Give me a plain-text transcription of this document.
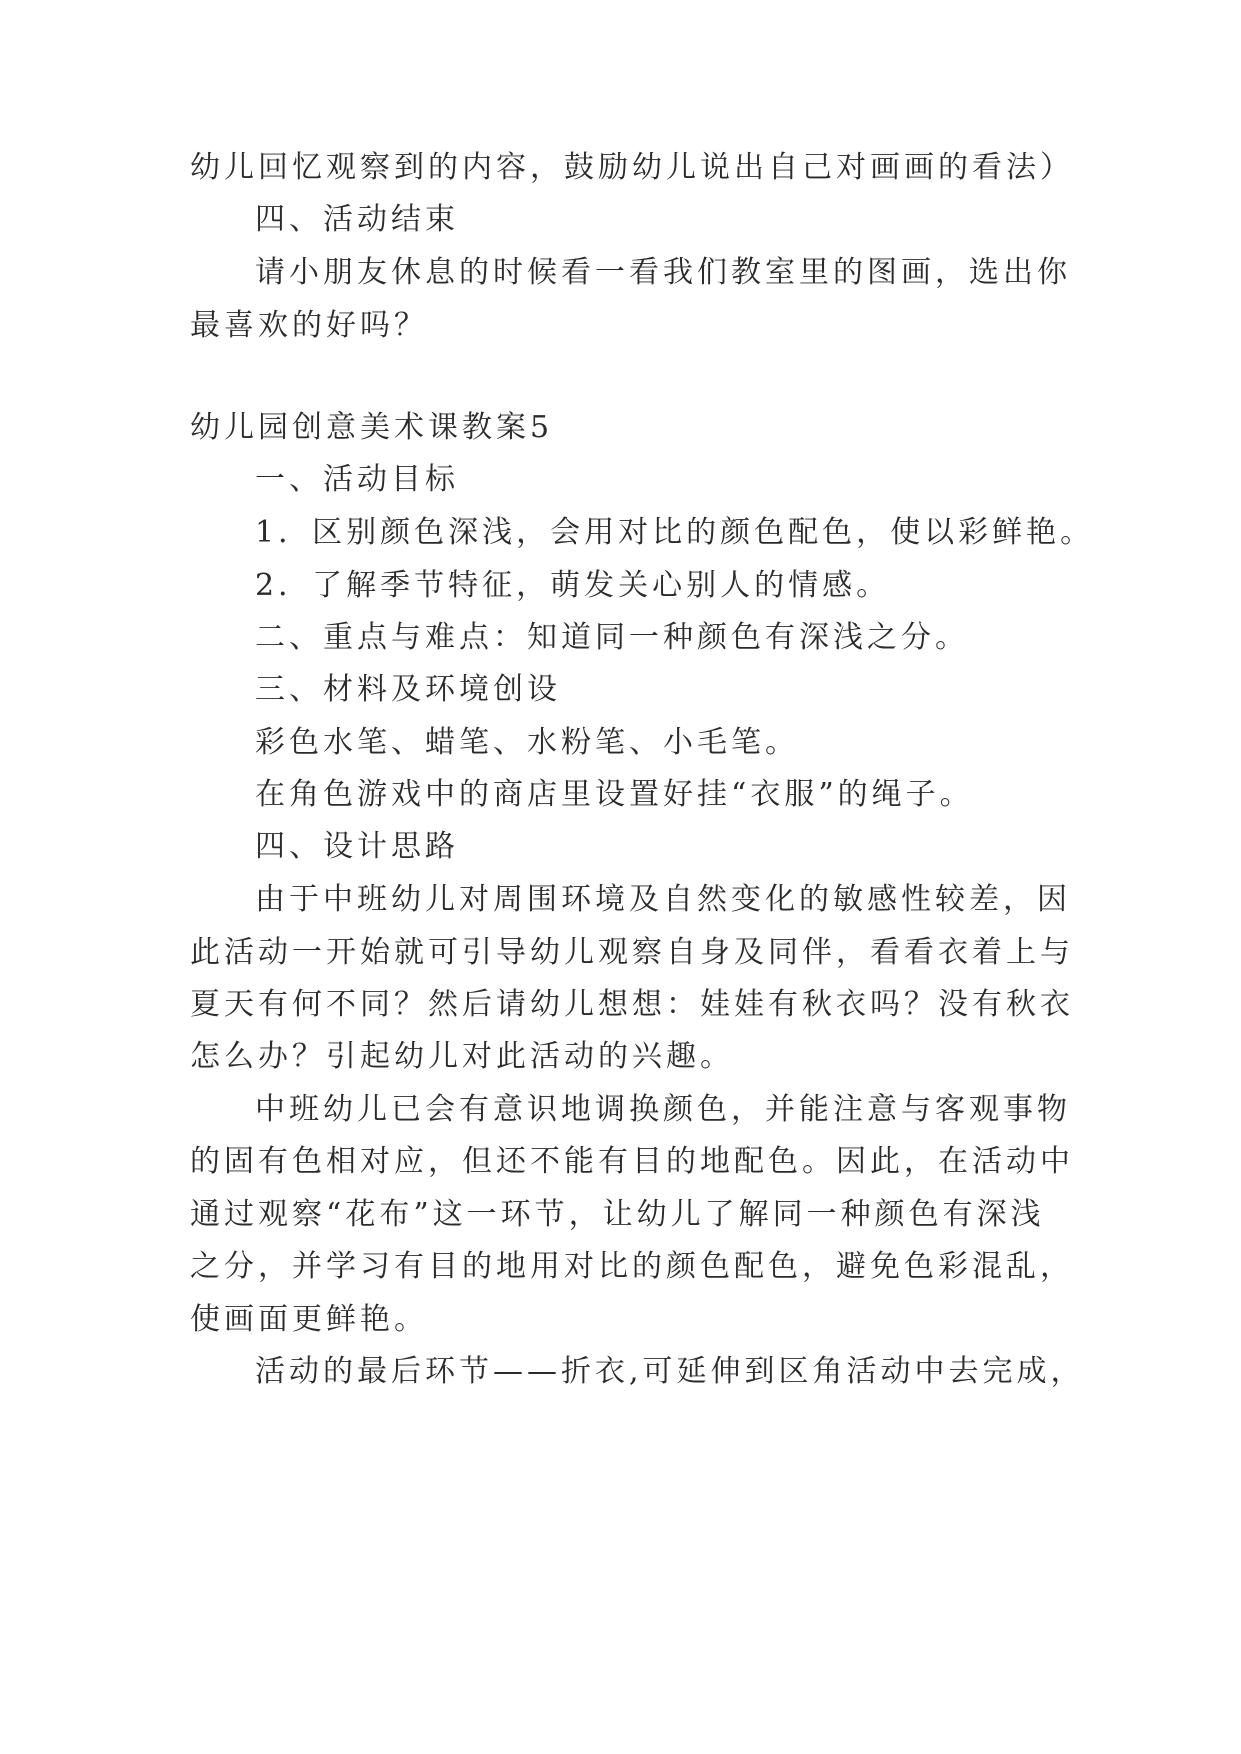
幼儿回忆观察到的内容，鼓励幼儿说出自己对画画的看法）
四、活动结束
请小朋友休息的时候看一看我们教室里的图画，选出你
最喜欢的好吗？
幼儿园创意美术课教案5
一、活动目标
1．区别颜色深浅，会用对比的颜色配色，使以彩鲜艳。
2．了解季节特征，萌发关心别人的情感。
二、重点与难点：知道同一种颜色有深浅之分。
三、材料及环境创设
彩色水笔、蜡笔、水粉笔、小毛笔。
在角色游戏中的商店里设置好挂“衣服”的绳子。
四、设计思路
由于中班幼儿对周围环境及自然变化的敏感性较差，因
此活动一开始就可引导幼儿观察自身及同伴，看看衣着上与
夏天有何不同？然后请幼儿想想：娃娃有秋衣吗？没有秋衣
怎么办？引起幼儿对此活动的兴趣。
中班幼儿已会有意识地调换颜色，并能注意与客观事物
的固有色相对应，但还不能有目的地配色。因此，在活动中
通过观察“花布”这一环节，让幼儿了解同一种颜色有深浅
之分，并学习有目的地用对比的颜色配色，避免色彩混乱，
使画面更鲜艳。
活动的最后环节——折衣,可延伸到区角活动中去完成，
